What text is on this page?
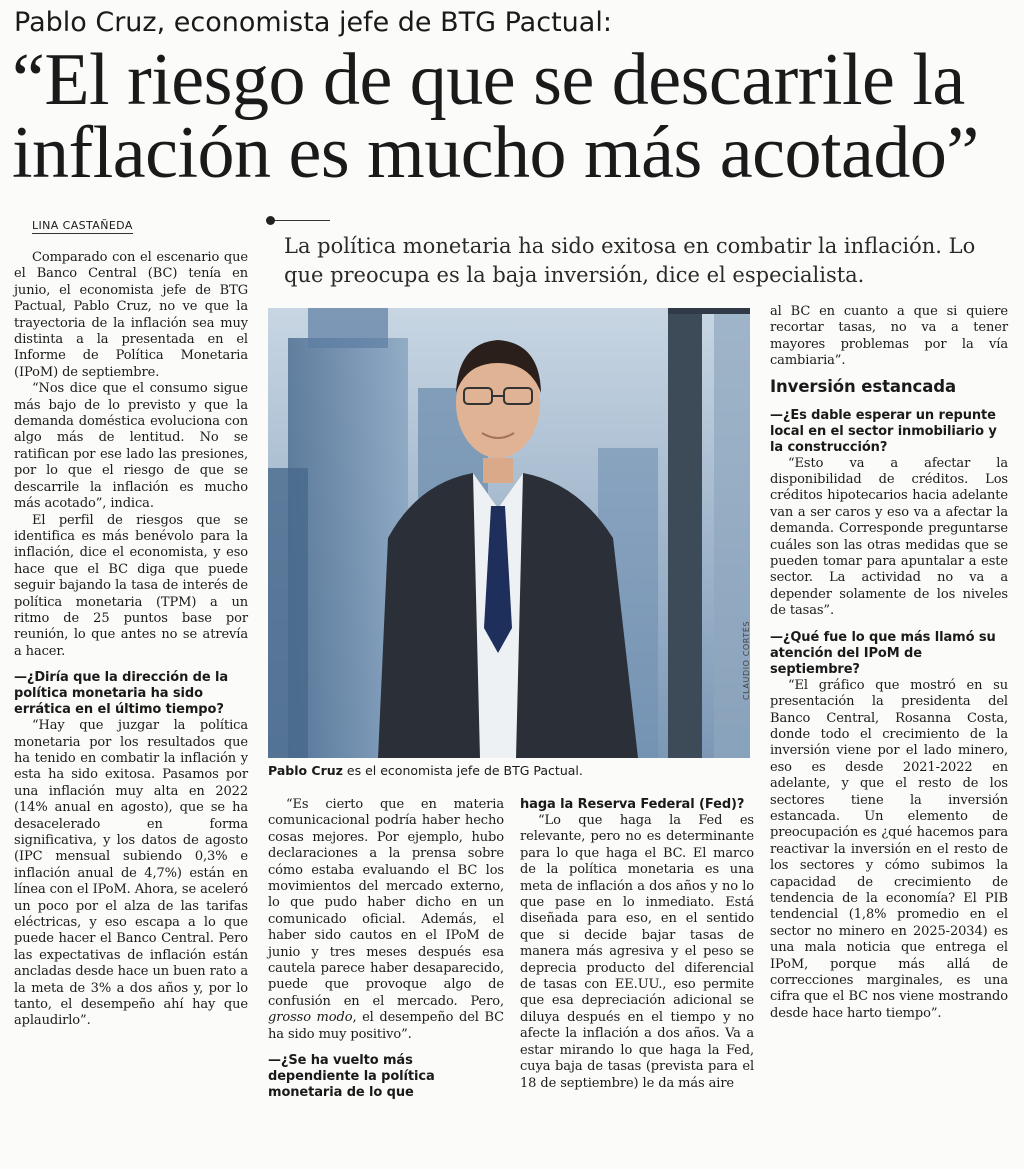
Pablo Cruz, economista jefe de BTG Pactual:
“El riesgo de que se descarrile la inflación es mucho más acotado”
LINA CASTAÑEDA
La política monetaria ha sido exitosa en combatir la inflación. Lo que preocupa es la baja inversión, dice el especialista.

Comparado con el escenario que el Banco Central (BC) tenía en junio, el economista jefe de BTG Pactual, Pablo Cruz, no ve que la trayectoria de la inflación sea muy distinta a la presentada en el Informe de Política Monetaria (IPoM) de septiembre.

“Nos dice que el consumo sigue más bajo de lo previsto y que la demanda doméstica evoluciona con algo más de lentitud. No se ratifican por ese lado las presiones, por lo que el riesgo de que se descarrile la inflación es mucho más acotado”, indica.

El perfil de riesgos que se identifica es más benévolo para la inflación, dice el economista, y eso hace que el BC diga que puede seguir bajando la tasa de interés de política monetaria (TPM) a un ritmo de 25 puntos base por reunión, lo que antes no se atrevía a hacer.

—¿Diría que la dirección de la política monetaria ha sido errática en el último tiempo?

“Hay que juzgar la política monetaria por los resultados que ha tenido en combatir la inflación y esta ha sido exitosa. Pasamos por una inflación muy alta en 2022 (14% anual en agosto), que se ha desacelerado en forma significativa, y los datos de agosto (IPC mensual subiendo 0,3% e inflación anual de 4,7%) están en línea con el IPoM. Ahora, se aceleró un poco por el alza de las tarifas eléctricas, y eso escapa a lo que puede hacer el Banco Central. Pero las expectativas de inflación están ancladas desde hace un buen rato a la meta de 3% a dos años y, por lo tanto, el desempeño ahí hay que aplaudirlo”.

CLAUDIO CORTÉS
Pablo Cruz es el economista jefe de BTG Pactual.

“Es cierto que en materia comunicacional podría haber hecho cosas mejores. Por ejemplo, hubo declaraciones a la prensa sobre cómo estaba evaluando el BC los movimientos del mercado externo, lo que pudo haber dicho en un comunicado oficial. Además, el haber sido cautos en el IPoM de junio y tres meses después esa cautela parece haber desaparecido, puede que provoque algo de confusión en el mercado. Pero, grosso modo, el desempeño del BC ha sido muy positivo”.

—¿Se ha vuelto más dependiente la política monetaria de lo que

haga la Reserva Federal (Fed)?

“Lo que haga la Fed es relevante, pero no es determinante para lo que haga el BC. El marco de la política monetaria es una meta de inflación a dos años y no lo que pase en lo inmediato. Está diseñada para eso, en el sentido que si decide bajar tasas de manera más agresiva y el peso se deprecia producto del diferencial de tasas con EE.UU., eso permite que esa depreciación adicional se diluya después en el tiempo y no afecte la inflación a dos años. Va a estar mirando lo que haga la Fed, cuya baja de tasas (prevista para el 18 de septiembre) le da más aire

al BC en cuanto a que si quiere recortar tasas, no va a tener mayores problemas por la vía cambiaria”.

Inversión estancada

—¿Es dable esperar un repunte local en el sector inmobiliario y la construcción?

“Esto va a afectar la disponibilidad de créditos. Los créditos hipotecarios hacia adelante van a ser caros y eso va a afectar la demanda. Corresponde preguntarse cuáles son las otras medidas que se pueden tomar para apuntalar a este sector. La actividad no va a depender solamente de los niveles de tasas”.

—¿Qué fue lo que más llamó su atención del IPoM de septiembre?

“El gráfico que mostró en su presentación la presidenta del Banco Central, Rosanna Costa, donde todo el crecimiento de la inversión viene por el lado minero, eso es desde 2021-2022 en adelante, y que el resto de los sectores tiene la inversión estancada. Un elemento de preocupación es ¿qué hacemos para reactivar la inversión en el resto de los sectores y cómo subimos la capacidad de crecimiento de tendencia de la economía? El PIB tendencial (1,8% promedio en el sector no minero en 2025-2034) es una mala noticia que entrega el IPoM, porque más allá de correcciones marginales, es una cifra que el BC nos viene mostrando desde hace harto tiempo”.
